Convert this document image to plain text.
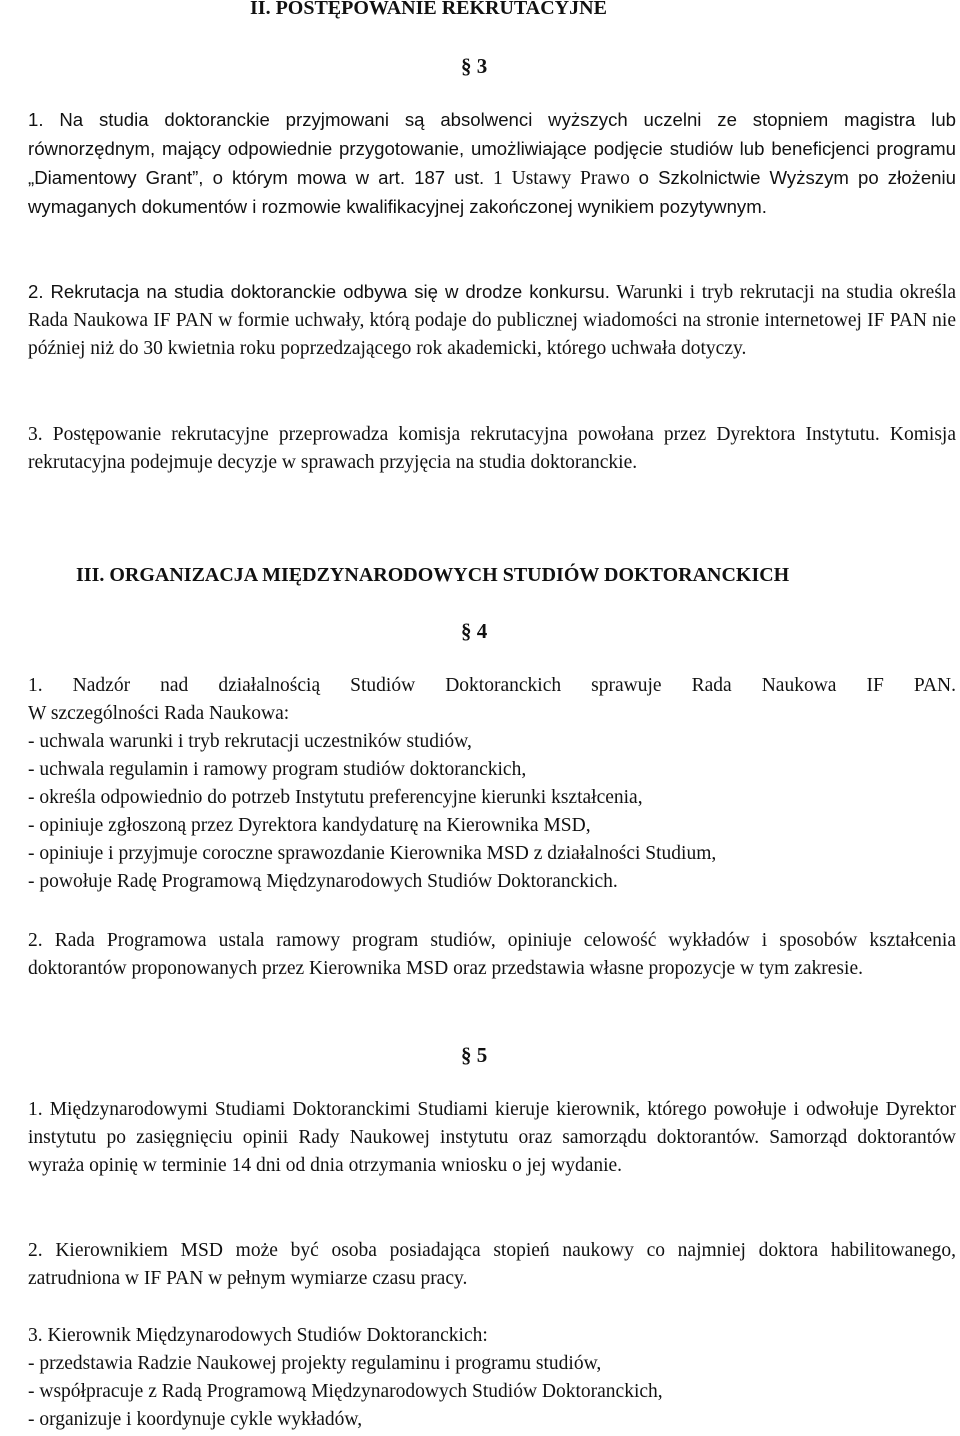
II. POSTĘPOWANIE REKRUTACYJNE
§ 3

1. Na studia doktoranckie przyjmowani są absolwenci wyższych uczelni ze stopniem magistra lub równorzędnym, mający odpowiednie przygotowanie, umożliwiające podjęcie studiów lub beneficjenci programu „Diamentowy Grant”, o którym mowa w art. 187 ust. 1 Ustawy Prawo o Szkolnictwie Wyższym po złożeniu wymaganych dokumentów i rozmowie kwalifikacyjnej zakończonej wynikiem pozytywnym.

2. Rekrutacja na studia doktoranckie odbywa się w drodze konkursu. Warunki i tryb rekrutacji na studia określa Rada Naukowa IF PAN w formie uchwały, którą podaje do publicznej wiadomości na stronie internetowej IF PAN nie później niż do 30 kwietnia roku poprzedzającego rok akademicki, którego uchwała dotyczy.

3. Postępowanie rekrutacyjne przeprowadza komisja rekrutacyjna powołana przez Dyrektora Instytutu. Komisja rekrutacyjna podejmuje decyzje w sprawach przyjęcia na studia doktoranckie.

III. ORGANIZACJA MIĘDZYNARODOWYCH STUDIÓW DOKTORANCKICH
§ 4

1. Nadzór nad działalnością Studiów Doktoranckich sprawuje Rada Naukowa IF PAN.

W szczególności Rada Naukowa:

- uchwala warunki i tryb rekrutacji uczestników studiów,

- uchwala regulamin i ramowy program studiów doktoranckich,

- określa odpowiednio do potrzeb Instytutu preferencyjne kierunki kształcenia,

- opiniuje zgłoszoną przez Dyrektora kandydaturę na Kierownika MSD,

- opiniuje i przyjmuje coroczne sprawozdanie Kierownika MSD z działalności Studium,

- powołuje Radę Programową Międzynarodowych Studiów Doktoranckich.

2. Rada Programowa ustala ramowy program studiów, opiniuje celowość wykładów i sposobów kształcenia doktorantów proponowanych przez Kierownika MSD oraz przedstawia własne propozycje w tym zakresie.

§ 5

1. Międzynarodowymi Studiami Doktoranckimi Studiami kieruje kierownik, którego powołuje i odwołuje Dyrektor instytutu po zasięgnięciu opinii Rady Naukowej instytutu oraz samorządu doktorantów. Samorząd doktorantów wyraża opinię w terminie 14 dni od dnia otrzymania wniosku o jej wydanie.

2. Kierownikiem MSD może być osoba posiadająca stopień naukowy co najmniej doktora habilitowanego, zatrudniona w IF PAN w pełnym wymiarze czasu pracy.

3. Kierownik Międzynarodowych Studiów Doktoranckich:

- przedstawia Radzie Naukowej projekty regulaminu i programu studiów,

- współpracuje z Radą Programową Międzynarodowych Studiów Doktoranckich,

- organizuje i koordynuje cykle wykładów,
